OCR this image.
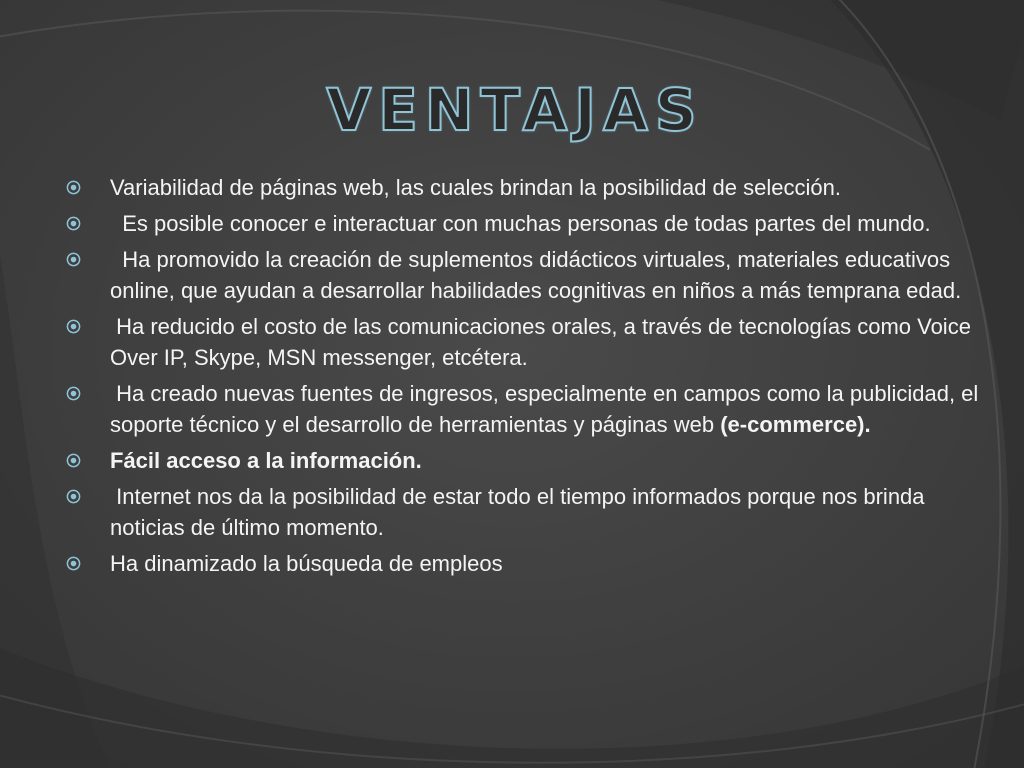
VENTAJAS
Variabilidad de páginas web, las cuales brindan la posibilidad de selección.
Es posible conocer e interactuar con muchas personas de todas partes del mundo.
Ha promovido la creación de suplementos didácticos virtuales, materiales educativos online, que ayudan a desarrollar habilidades cognitivas en niños a más temprana edad.
Ha reducido el costo de las comunicaciones orales, a través de tecnologías como Voice Over IP, Skype, MSN messenger, etcétera.
Ha creado nuevas fuentes de ingresos, especialmente en campos como la publicidad, el soporte técnico y el desarrollo de herramientas y páginas web (e-commerce).
Fácil acceso a la información.
Internet nos da la posibilidad de estar todo el tiempo informados porque nos brinda noticias de último momento.
Ha dinamizado la búsqueda de empleos
